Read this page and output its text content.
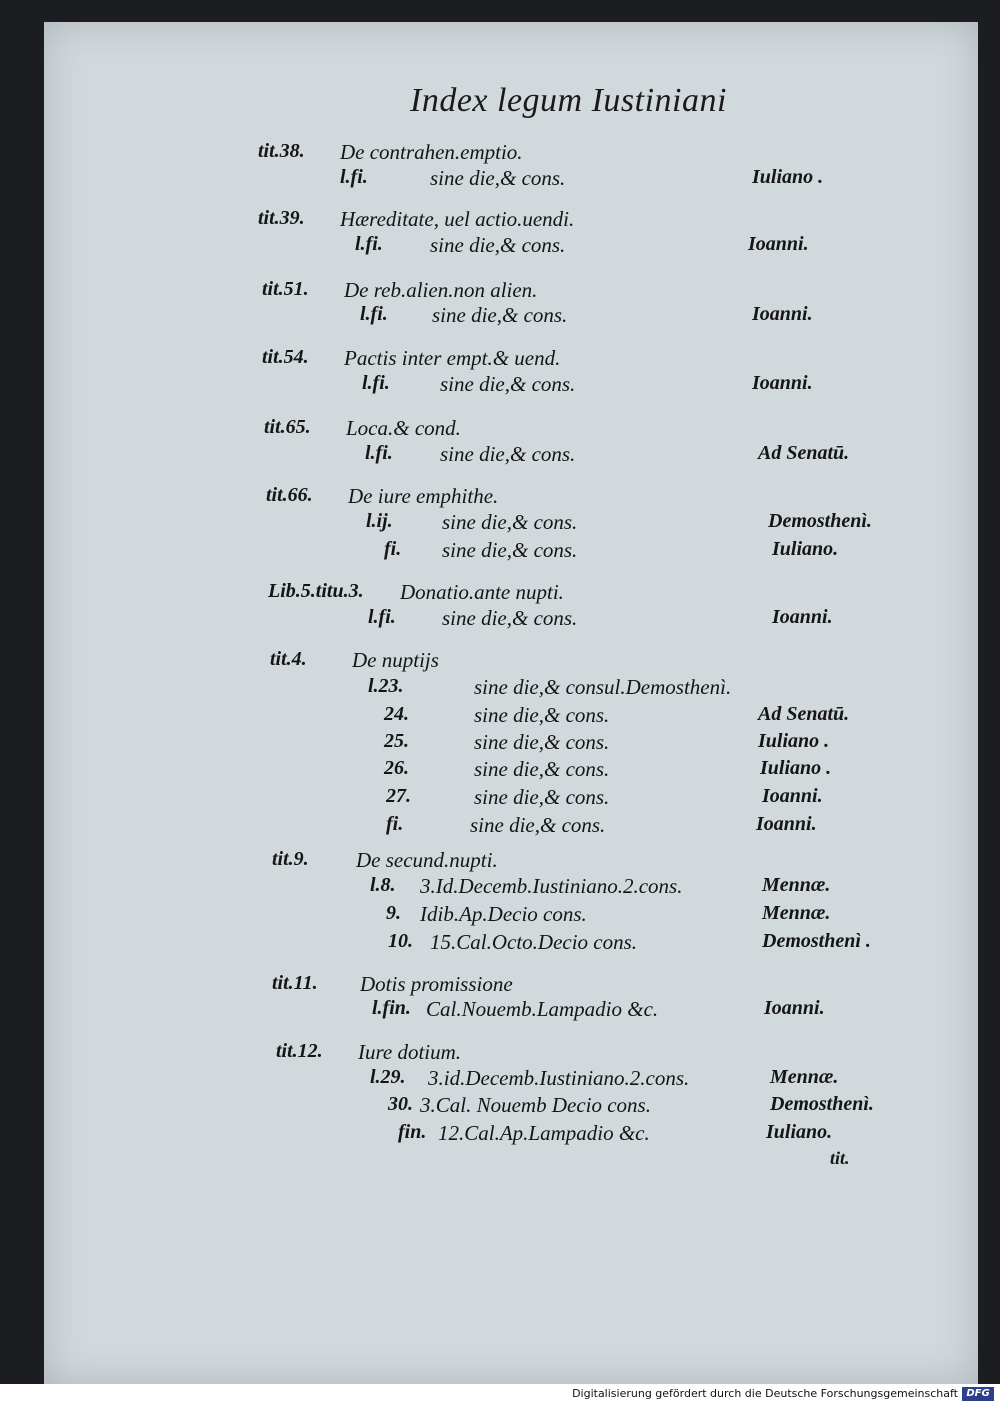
Index legum Iustiniani
tit.38. De contrahen.emptio.
l.fi.	sine die,& cons.	Iuliano .
tit.39. Hæreditate, uel actio.uendi.
l.fi. sine die,& cons.	Ioanni.
tit.51. De reb.alien.non alien.
l.fi. sine die,& cons.	Ioanni.
tit.54. Pactis inter empt.& uend.
l.fi. sine die,& cons.	Ioanni.
tit.65. Loca.& cond.
l.fi. sine die,& cons.	Ad Senatū.
tit.66. De iure emphithe.
l.ij. sine die,& cons.	Demosthenì.
fi. sine die,& cons.	Iuliano.
Lib.5.titu.3. Donatio.ante nupti.
l.fi. sine die,& cons.	Ioanni.
tit.4. De nuptijs
l.23.	sine die,& consul.Demosthenì.
24.	sine die,& cons.	Ad Senatū.
25.	sine die,& cons.	Iuliano .
26.	sine die,& cons.	Iuliano .
27.	sine die,& cons.	Ioanni.
fi.	sine die,& cons.	Ioanni.
tit.9. De secund.nupti.
l.8. 3.Id.Decemb.Iustiniano.2.cons.	Mennæ.
9. Idib.Ap.Decio cons.	Mennæ.
10. 15.Cal.Octo.Decio cons.	Demosthenì .
tit.11. Dotis promissione
l.fin. Cal.Nouemb.Lampadio &c.	Ioanni.
tit.12. Iure dotium.
l.29. 3.id.Decemb.Iustiniano.2.cons.	Mennæ.
30. 3.Cal. Nouemb Decio cons.	Demosthenì.
fin. 12.Cal.Ap.Lampadio &c.	Iuliano.
tit.
Digitalisierung gefördert durch die Deutsche Forschungsgemeinschaft DFG
